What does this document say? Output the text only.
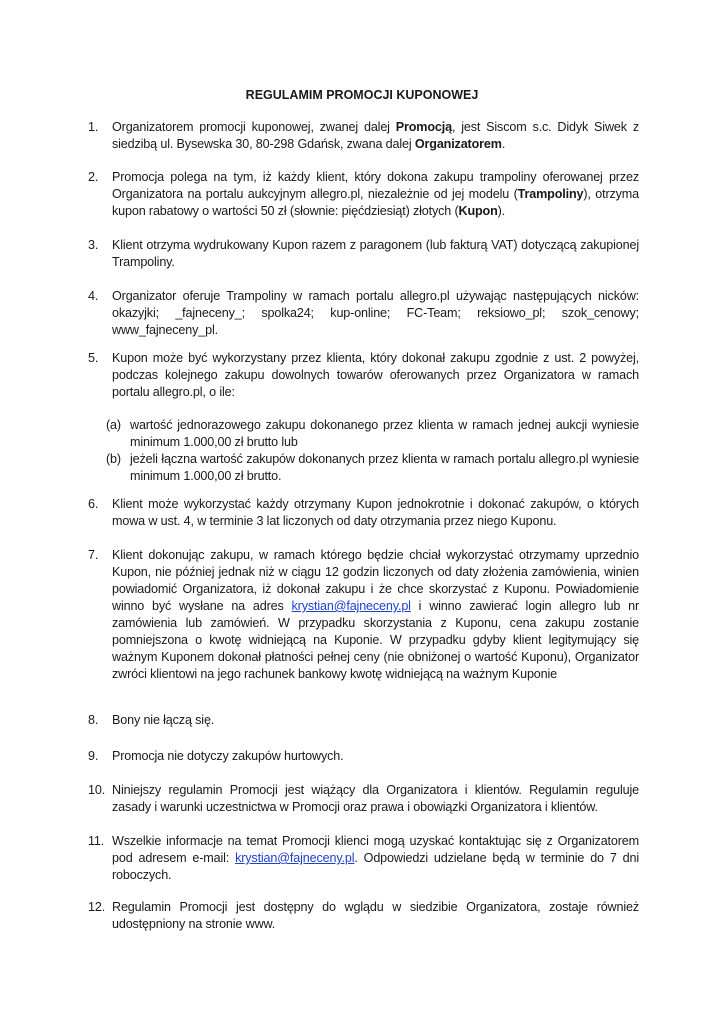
REGULAMIM PROMOCJI KUPONOWEJ
1.	Organizatorem promocji kuponowej, zwanej dalej Promocją, jest Siscom s.c. Didyk Siwek z siedzibą ul. Bysewska 30, 80-298 Gdańsk, zwana dalej Organizatorem.
2.	Promocja polega na tym, iż każdy klient, który dokona zakupu trampoliny oferowanej przez Organizatora na portalu aukcyjnym allegro.pl, niezależnie od jej modelu (Trampoliny), otrzyma kupon rabatowy o wartości 50 zł (słownie: pięćdziesiąt) złotych (Kupon).
3.	Klient otrzyma wydrukowany Kupon razem z paragonem (lub fakturą VAT) dotyczącą zakupionej Trampoliny.
4.	Organizator oferuje Trampoliny w ramach portalu allegro.pl używając następujących nicków: okazyjki; _fajneceny_; spolka24; kup-online; FC-Team; reksiowo_pl; szok_cenowy; www_fajneceny_pl.
5.	Kupon może być wykorzystany przez klienta, który dokonał zakupu zgodnie z ust. 2 powyżej, podczas kolejnego zakupu dowolnych towarów oferowanych przez Organizatora w ramach portalu allegro.pl, o ile:
6.	Klient może wykorzystać każdy otrzymany Kupon jednokrotnie i dokonać zakupów, o których mowa w ust. 4, w terminie 3 lat liczonych od daty otrzymania przez niego Kuponu.
7.	Klient dokonując zakupu, w ramach którego będzie chciał wykorzystać otrzymamy uprzednio Kupon, nie później jednak niż w ciągu 12 godzin liczonych od daty złożenia zamówienia, winien powiadomić Organizatora, iż dokonał zakupu i że chce skorzystać z Kuponu. Powiadomienie winno być wysłane na adres krystian@fajneceny.pl i winno zawierać login allegro lub nr zamówienia lub zamówień. W przypadku skorzystania z Kuponu, cena zakupu zostanie pomniejszona o kwotę widniejącą na Kuponie. W przypadku gdyby klient legitymujący się ważnym Kuponem dokonał płatności pełnej ceny (nie obniżonej o wartość Kuponu), Organizator zwróci klientowi na jego rachunek bankowy kwotę widniejącą na ważnym Kuponie
8.	Bony nie łączą się.
9.	Promocja nie dotyczy zakupów hurtowych.
10. Niniejszy regulamin Promocji jest wiążący dla Organizatora i klientów. Regulamin reguluje zasady i warunki uczestnictwa w Promocji oraz prawa i obowiązki Organizatora i klientów.
11. Wszelkie informacje na temat Promocji klienci mogą uzyskać kontaktując się z Organizatorem pod adresem e-mail: krystian@fajneceny.pl. Odpowiedzi udzielane będą w terminie do 7 dni roboczych.
12. Regulamin Promocji jest dostępny do wglądu w siedzibie Organizatora, zostaje również udostępniony na stronie www.
(a) wartość jednorazowego zakupu dokonanego przez klienta w ramach jednej aukcji wyniesie minimum 1.000,00 zł brutto lub
(b) jeżeli łączna wartość zakupów dokonanych przez klienta w ramach portalu allegro.pl wyniesie minimum 1.000,00 zł brutto.
